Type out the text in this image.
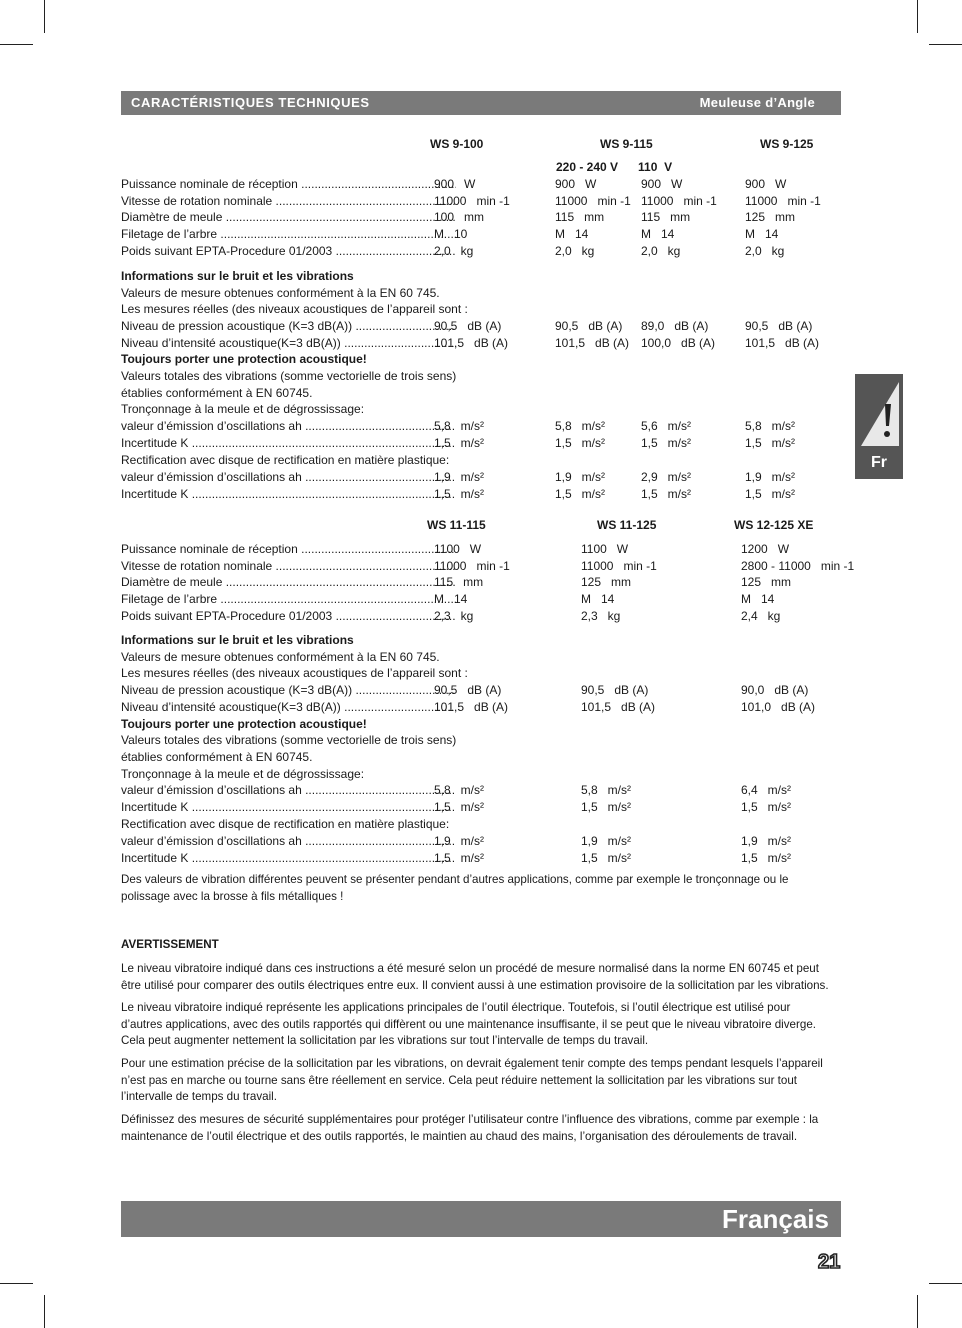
CARACTÉRISTIQUES TECHNIQUES	Meuleuse d’Angle
WS 9-100	WS 9-115	WS 9-125
220 - 240 V      110  V
Puissance nominale de réception .....	900   W	900   W	900   W	900   W
Vitesse de rotation nominale .....	11000   min -1	11000   min -1 11000   min -1 11000   min -1
Diamètre de meule .....	100   mm	115   mm	115   mm	125   mm
Filetage de l’arbre .....	M   10	M   14	M   14	M   14
Poids suivant EPTA-Procedure 01/2003 .....	2,0   kg	2,0   kg	2,0   kg	2,0   kg
Informations sur le bruit et les vibrations
Valeurs de mesure obtenues conformément à la EN 60 745.
Les mesures réelles (des niveaux acoustiques de l’appareil sont :
Niveau de pression acoustique (K=3 dB(A)) .....	90,5   dB (A)	90,5   dB (A) 89,0   dB (A)	90,5   dB (A)
Niveau d’intensité acoustique(K=3 dB(A)) .....	101,5   dB (A)	101,5   dB (A) 100,0   dB (A) 101,5   dB (A)
Toujours porter une protection acoustique!
Valeurs totales des vibrations (somme vectorielle de trois sens)
établies conformément à EN 60745.
Tronçonnage à la meule et de dégrossissage:
valeur d’émission d’oscillations ah .....	5,8   m/s²	5,8   m/s²	5,6   m/s²	5,8   m/s²
Incertitude K .....	1,5   m/s²	1,5   m/s²	1,5   m/s²	1,5   m/s²
Rectification avec disque de rectification en matière plastique:
valeur d’émission d’oscillations ah .....	1,9   m/s²	1,9   m/s²	2,9   m/s²	1,9   m/s²
Incertitude K .....	1,5   m/s²	1,5   m/s²	1,5   m/s²	1,5   m/s²
WS 11-115	WS 11-125	WS 12-125 XE
Puissance nominale de réception .....	1100   W	1100   W	1200   W
Vitesse de rotation nominale .....	11000   min -1	11000   min -1	2800 - 11000   min -1
Diamètre de meule .....	115   mm	125   mm	125   mm
Filetage de l’arbre .....	M   14	M   14	M   14
Poids suivant EPTA-Procedure 01/2003 .....	2,3   kg	2,3   kg	2,4   kg
Informations sur le bruit et les vibrations
Valeurs de mesure obtenues conformément à la EN 60 745.
Les mesures réelles (des niveaux acoustiques de l’appareil sont :
Niveau de pression acoustique (K=3 dB(A)) .....	90,5   dB (A)	90,5   dB (A)	90,0   dB (A)
Niveau d’intensité acoustique(K=3 dB(A)) .....	101,5   dB (A)	101,5   dB (A)	101,0   dB (A)
Toujours porter une protection acoustique!
Valeurs totales des vibrations (somme vectorielle de trois sens)
établies conformément à EN 60745.
Tronçonnage à la meule et de dégrossissage:
valeur d’émission d’oscillations ah .....	5,8   m/s²	5,8   m/s²	6,4   m/s²
Incertitude K .....	1,5   m/s²	1,5   m/s²	1,5   m/s²
Rectification avec disque de rectification en matière plastique:
valeur d’émission d’oscillations ah .....	1,9   m/s²	1,9   m/s²	1,9   m/s²
Incertitude K .....	1,5   m/s²	1,5   m/s²	1,5   m/s²
Des valeurs de vibration différentes peuvent se présenter pendant d’autres applications, comme par exemple le tronçonnage ou le polissage avec la brosse à fils métalliques !
AVERTISSEMENT
Le niveau vibratoire indiqué dans ces instructions a été mesuré selon un procédé de mesure normalisé dans la norme EN 60745 et peut être utilisé pour comparer des outils électriques entre eux. Il convient aussi à une estimation provisoire de la sollicitation par les vibrations.
Le niveau vibratoire indiqué représente les applications principales de l’outil électrique. Toutefois, si l’outil électrique est utilisé pour d’autres applications, avec des outils rapportés qui diffèrent ou une maintenance insuffisante, il se peut que le niveau vibratoire diverge. Cela peut augmenter nettement la sollicitation par les vibrations sur tout l’intervalle de temps du travail.
Pour une estimation précise de la sollicitation par les vibrations, on devrait également tenir compte des temps pendant lesquels l’appareil n’est pas en marche ou tourne sans être réellement en service. Cela peut réduire nettement la sollicitation par les vibrations sur tout l’intervalle de temps du travail.
Définissez des mesures de sécurité supplémentaires pour protéger l’utilisateur contre l’influence des vibrations, comme par exemple : la maintenance de l’outil électrique et des outils rapportés, le maintien au chaud des mains, l’organisation des déroulements de travail.
Fr
Français
21
